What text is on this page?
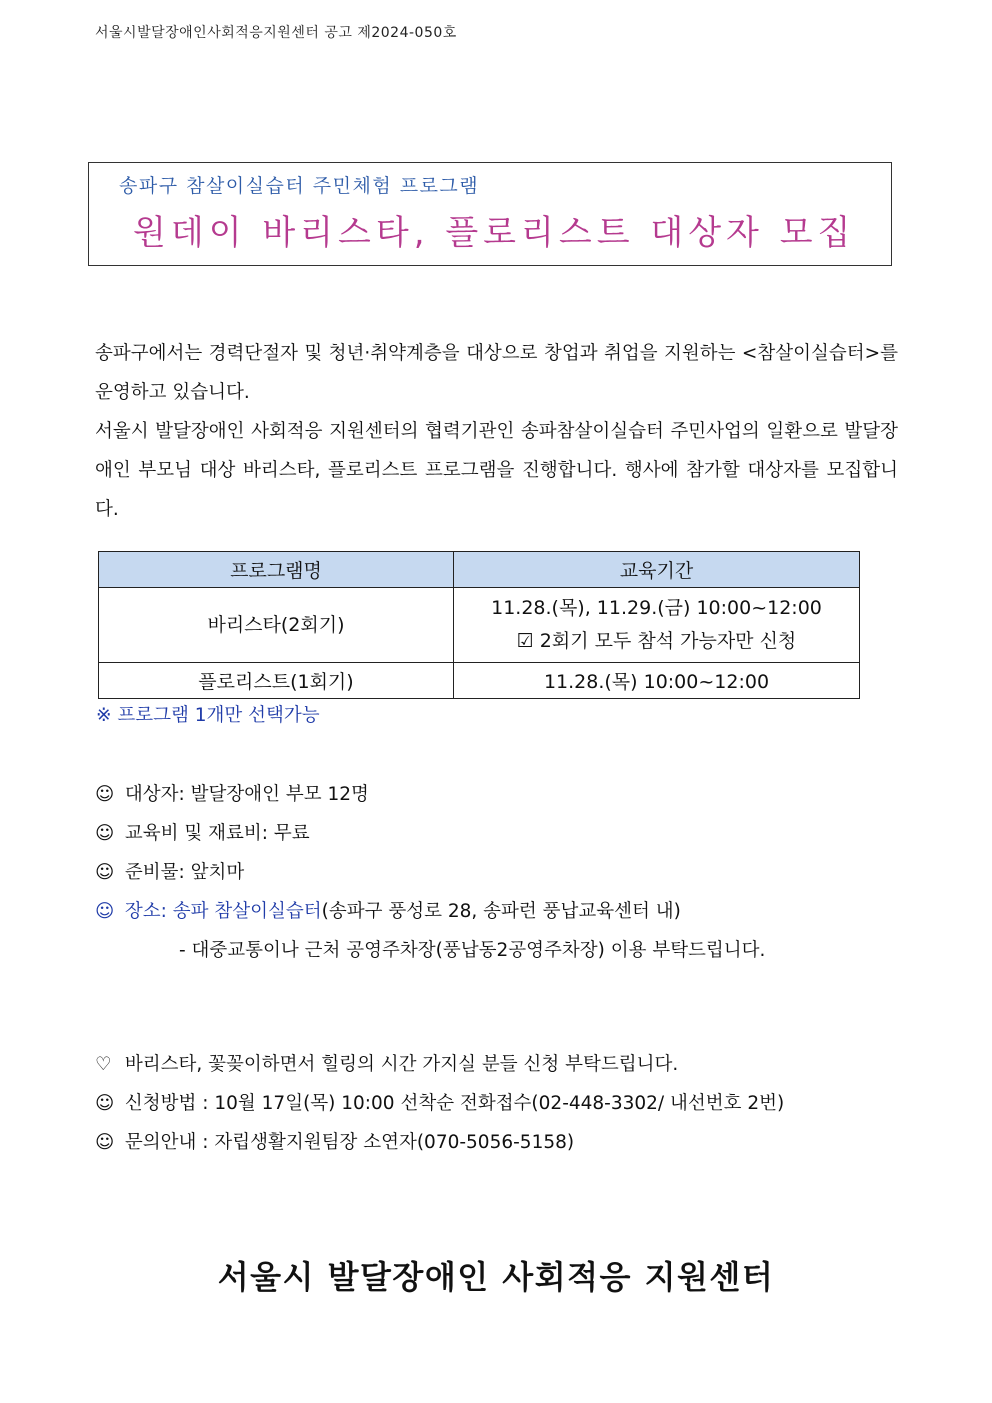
서울시발달장애인사회적응지원센터 공고 제2024-050호
송파구 참살이실습터 주민체험 프로그램
원데이 바리스타, 플로리스트 대상자 모집

송파구에서는 경력단절자 및 청년·취약계층을 대상으로 창업과 취업을 지원하는 <참살이실습터>를 운영하고 있습니다.

서울시 발달장애인 사회적응 지원센터의 협력기관인 송파참살이실습터 주민사업의 일환으로 발달장애인 부모님 대상 바리스타, 플로리스트 프로그램을 진행합니다. 행사에 참가할 대상자를 모집합니다.

프로그램명	교육기간
바리스타(2회기)	11.28.(목), 11.29.(금) 10:00~12:00
☑ 2회기 모두 참석 가능자만 신청

플로리스트(1회기)	11.28.(목) 10:00~12:00
※ 프로그램 1개만 선택가능
☺ 대상자: 발달장애인 부모 12명
☺ 교육비 및 재료비: 무료
☺ 준비물: 앞치마
☺ 장소: 송파 참살이실습터(송파구 풍성로 28, 송파런 풍납교육센터 내)
- 대중교통이나 근처 공영주차장(풍납동2공영주차장) 이용 부탁드립니다.
♡ 바리스타, 꽃꽂이하면서 힐링의 시간 가지실 분들 신청 부탁드립니다.
☺ 신청방법 : 10월 17일(목) 10:00 선착순 전화접수(02-448-3302/ 내선번호 2번)
☺ 문의안내 : 자립생활지원팀장 소연자(070-5056-5158)
서울시 발달장애인 사회적응 지원센터
